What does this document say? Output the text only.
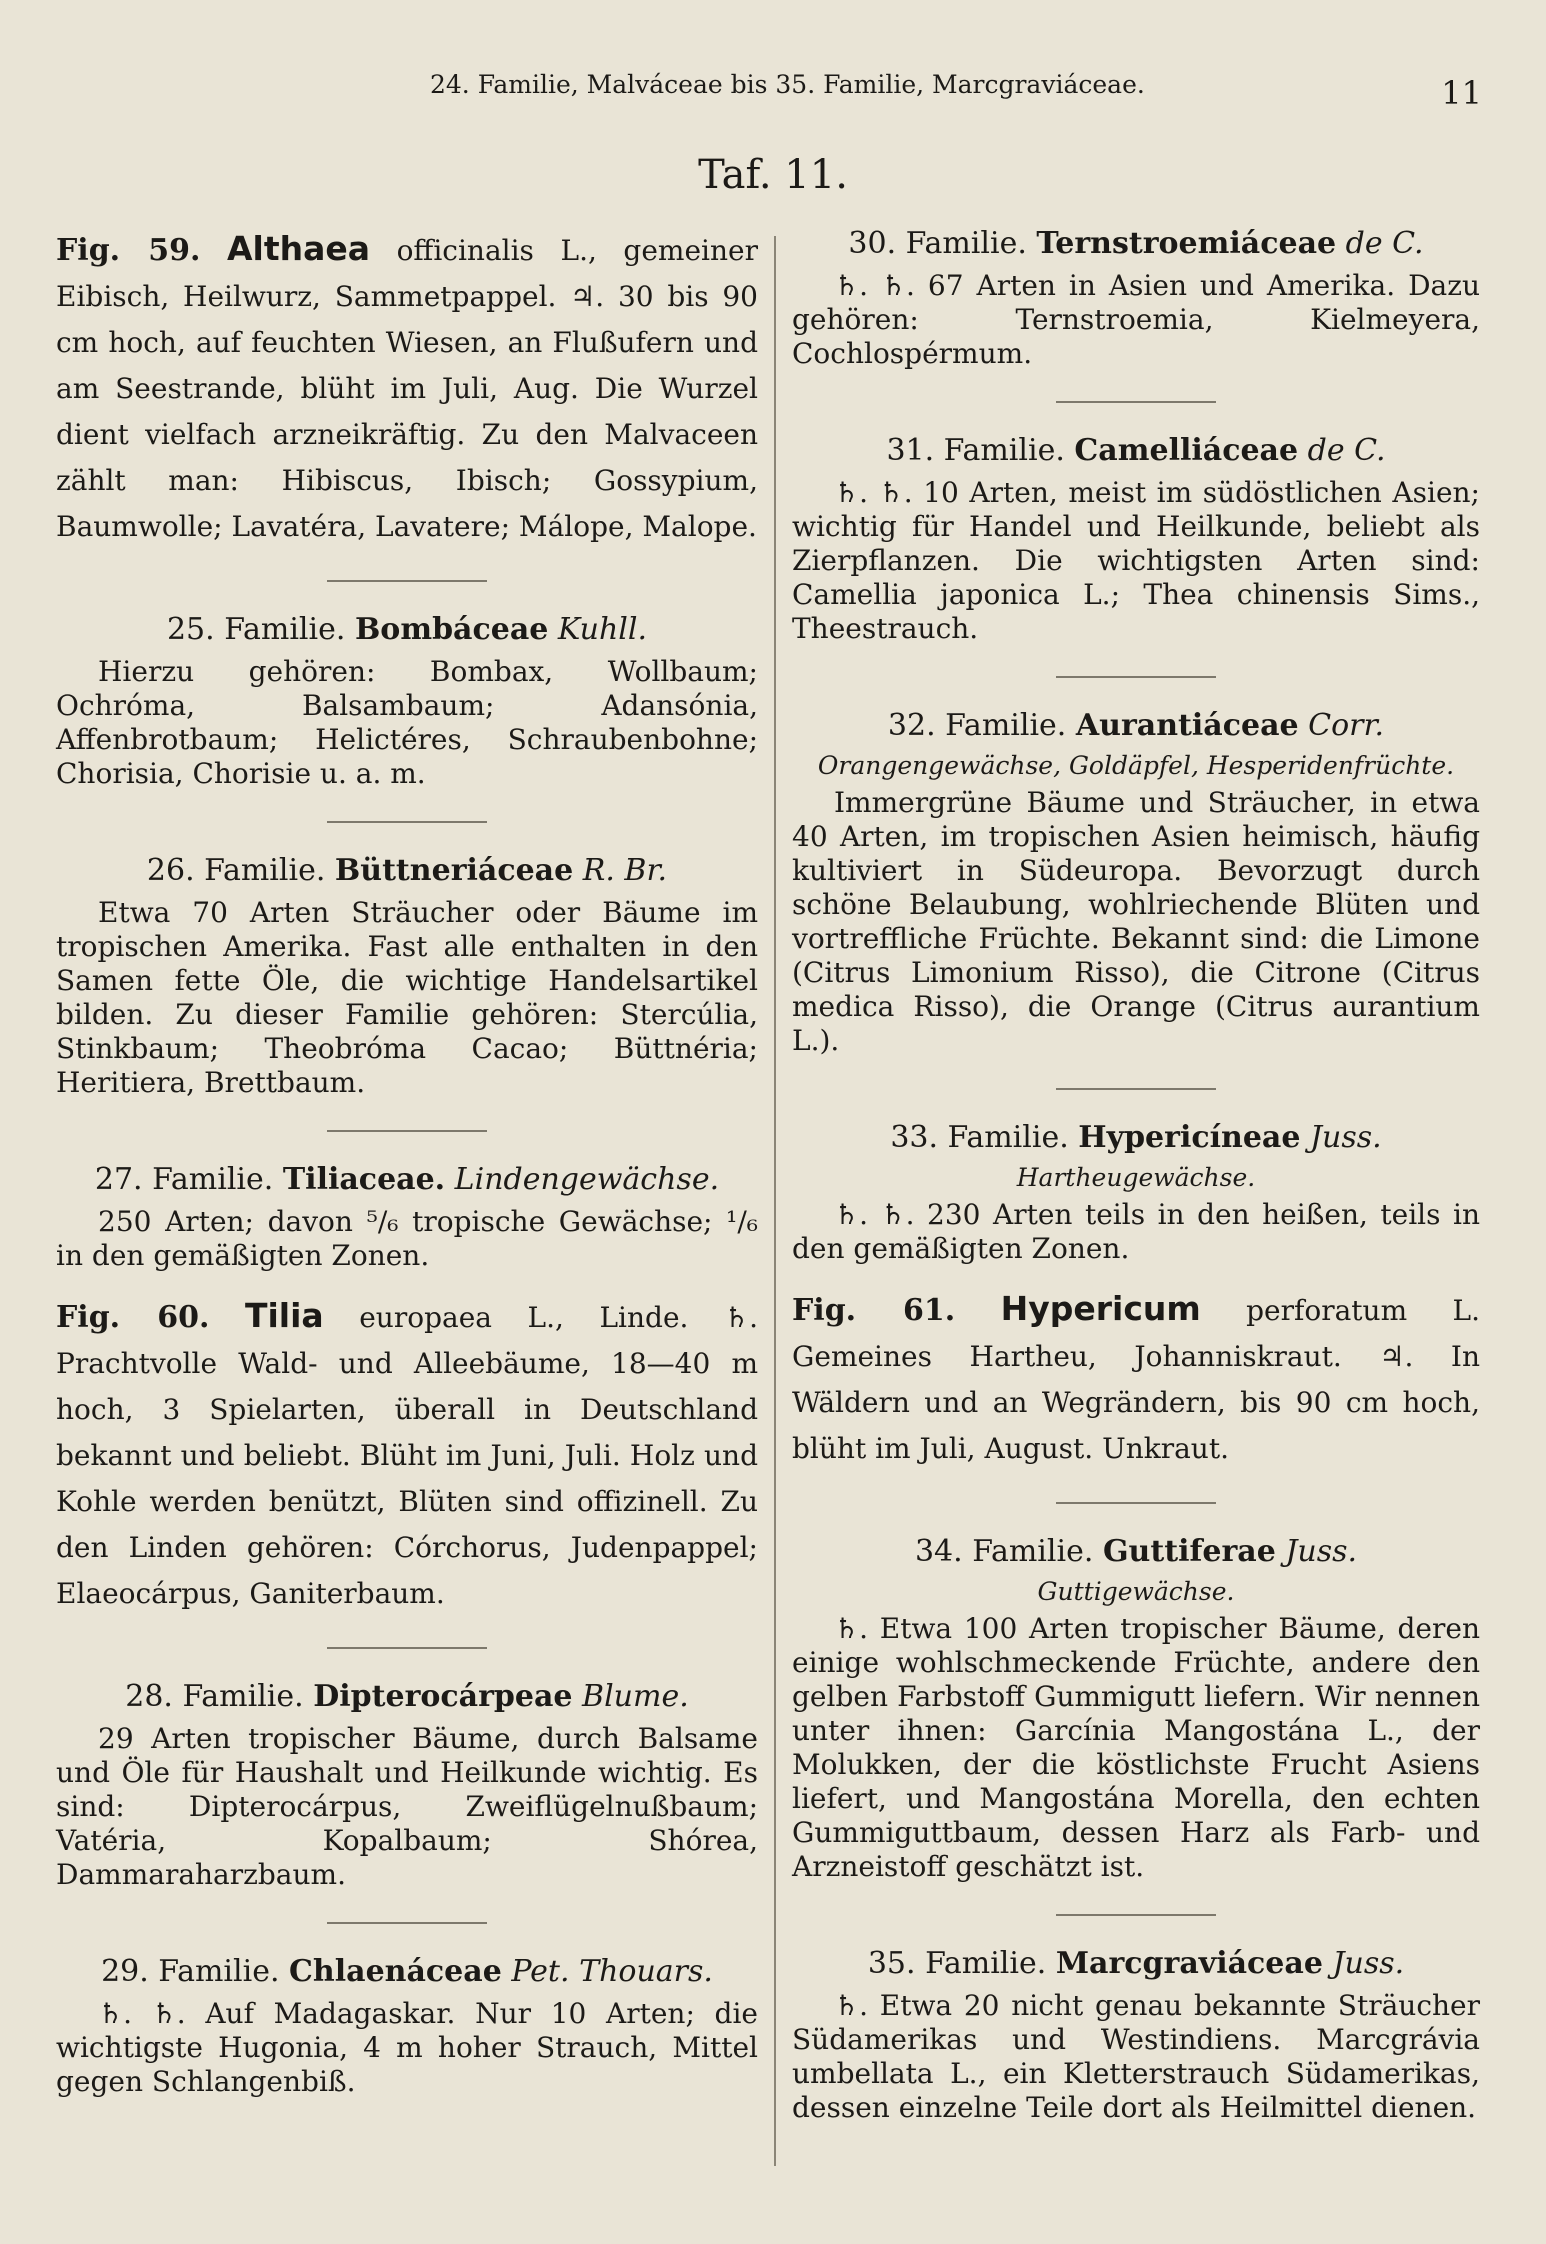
24. Familie, Malváceae bis 35. Familie, Marcgraviáceae.	11
Taf. 11.

Fig. 59. Althaea officinalis L., gemeiner Eibisch, Heilwurz, Sammetpappel. ♃. 30 bis 90 cm hoch, auf feuchten Wiesen, an Flußufern und am Seestrande, blüht im Juli, Aug. Die Wurzel dient vielfach arzneikräftig. Zu den Malvaceen zählt man: Hibiscus, Ibisch; Gossypium, Baumwolle; Lavatéra, Lavatere; Málope, Malope.

25. Familie. Bombáceae Kuhll.

Hierzu gehören: Bombax, Wollbaum; Ochróma, Balsambaum; Adansónia, Affenbrotbaum; Helictéres, Schraubenbohne; Chorisia, Chorisie u. a. m.

26. Familie. Büttneriáceae R. Br.

Etwa 70 Arten Sträucher oder Bäume im tropischen Amerika. Fast alle enthalten in den Samen fette Öle, die wichtige Handelsartikel bilden. Zu dieser Familie gehören: Stercúlia, Stinkbaum; Theobróma Cacao; Büttnéria; Heritiera, Brettbaum.

27. Familie. Tiliaceae. Lindengewächse.

250 Arten; davon ⁵/₆ tropische Gewächse; ¹/₆ in den gemäßigten Zonen.

Fig. 60. Tilia europaea L., Linde. ♄. Prachtvolle Wald- und Alleebäume, 18—40 m hoch, 3 Spielarten, überall in Deutschland bekannt und beliebt. Blüht im Juni, Juli. Holz und Kohle werden benützt, Blüten sind offizinell. Zu den Linden gehören: Córchorus, Judenpappel; Elaeocárpus, Ganiterbaum.

28. Familie. Dipterocárpeae Blume.

29 Arten tropischer Bäume, durch Balsame und Öle für Haushalt und Heilkunde wichtig. Es sind: Dipterocárpus, Zweiflügelnußbaum; Vatéria, Kopalbaum; Shórea, Dammaraharzbaum.

29. Familie. Chlaenáceae Pet. Thouars.

♄. ♄. Auf Madagaskar. Nur 10 Arten; die wichtigste Hugonia, 4 m hoher Strauch, Mittel gegen Schlangenbiß.

30. Familie. Ternstroemiáceae de C.

♄. ♄. 67 Arten in Asien und Amerika. Dazu gehören: Ternstroemia, Kielmeyera, Cochlospérmum.

31. Familie. Camelliáceae de C.

♄. ♄. 10 Arten, meist im südöstlichen Asien; wichtig für Handel und Heilkunde, beliebt als Zierpflanzen. Die wichtigsten Arten sind: Camellia japonica L.; Thea chinensis Sims., Theestrauch.

32. Familie. Aurantiáceae Corr.
Orangengewächse, Goldäpfel, Hesperidenfrüchte.

Immergrüne Bäume und Sträucher, in etwa 40 Arten, im tropischen Asien heimisch, häufig kultiviert in Südeuropa. Bevorzugt durch schöne Belaubung, wohlriechende Blüten und vortreffliche Früchte. Bekannt sind: die Limone (Citrus Limonium Risso), die Citrone (Citrus medica Risso), die Orange (Citrus aurantium L.).

33. Familie. Hypericíneae Juss.
Hartheugewächse.

♄. ♄. 230 Arten teils in den heißen, teils in den gemäßigten Zonen.

Fig. 61. Hypericum perforatum L. Gemeines Hartheu, Johanniskraut. ♃. In Wäldern und an Wegrändern, bis 90 cm hoch, blüht im Juli, August. Unkraut.

34. Familie. Guttiferae Juss.
Guttigewächse.

♄. Etwa 100 Arten tropischer Bäume, deren einige wohlschmeckende Früchte, andere den gelben Farbstoff Gummigutt liefern. Wir nennen unter ihnen: Garcínia Mangostána L., der Molukken, der die köstlichste Frucht Asiens liefert, und Mangostána Morella, den echten Gummiguttbaum, dessen Harz als Farb- und Arzneistoff geschätzt ist.

35. Familie. Marcgraviáceae Juss.

♄. Etwa 20 nicht genau bekannte Sträucher Südamerikas und Westindiens. Marcgrávia umbellata L., ein Kletterstrauch Südamerikas, dessen einzelne Teile dort als Heilmittel dienen.
